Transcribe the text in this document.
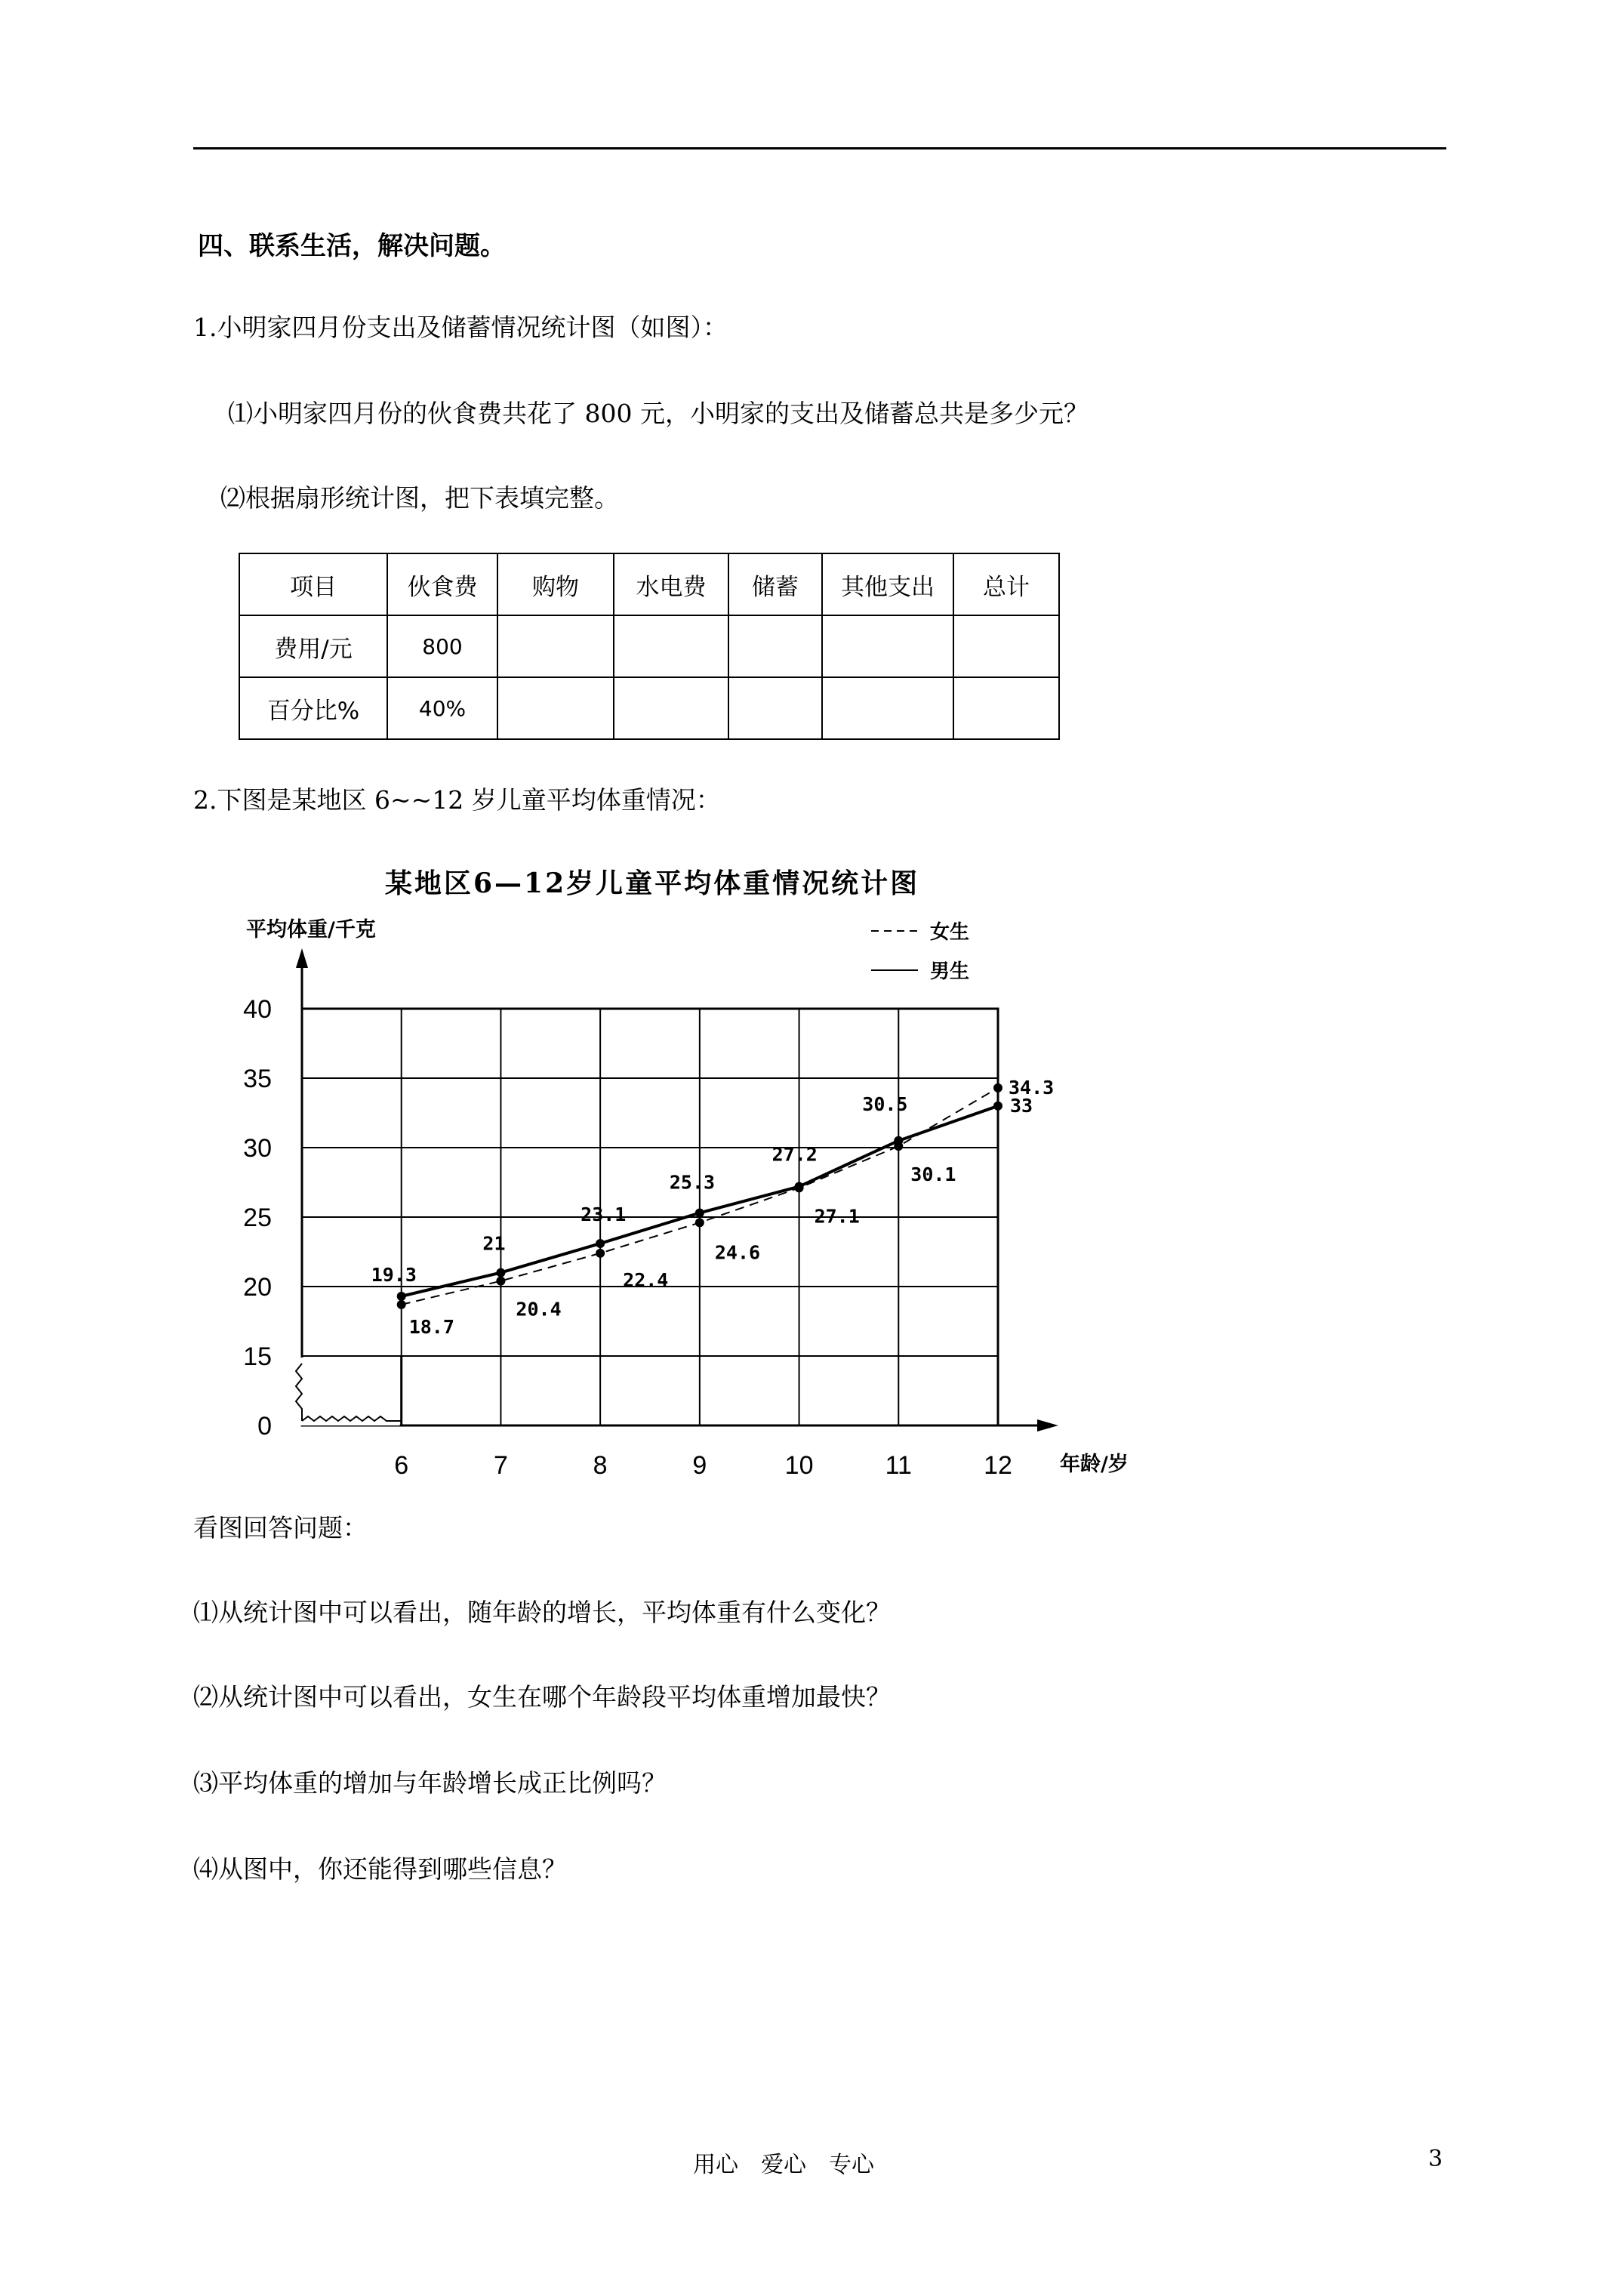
四、联系生活，解决问题。
1.小明家四月份支出及储蓄情况统计图（如图）：
⑴小明家四月份的伙食费共花了 800 元，小明家的支出及储蓄总共是多少元？
⑵根据扇形统计图，把下表填完整。
项目	伙食费	购物	水电费	储蓄	其他支出	总计
费用/元	800					
百分比%	40%					
2.下图是某地区 6~~12 岁儿童平均体重情况：
某地区6—12岁儿童平均体重情况统计图
0
15
20
25
30
35
40
6	7	8	9	10	11	12
平均体重/千克
年龄/岁
18.7
20.4
22.4
24.6
27.1
30.1
34.3
19.3
21
23.1
25.3
27.2
30.5	33
女生
男生
看图回答问题：
⑴从统计图中可以看出，随年龄的增长，平均体重有什么变化？
⑵从统计图中可以看出，女生在哪个年龄段平均体重增加最快？
⑶平均体重的增加与年龄增长成正比例吗？
⑷从图中，你还能得到哪些信息？
用心　爱心　专心	3
